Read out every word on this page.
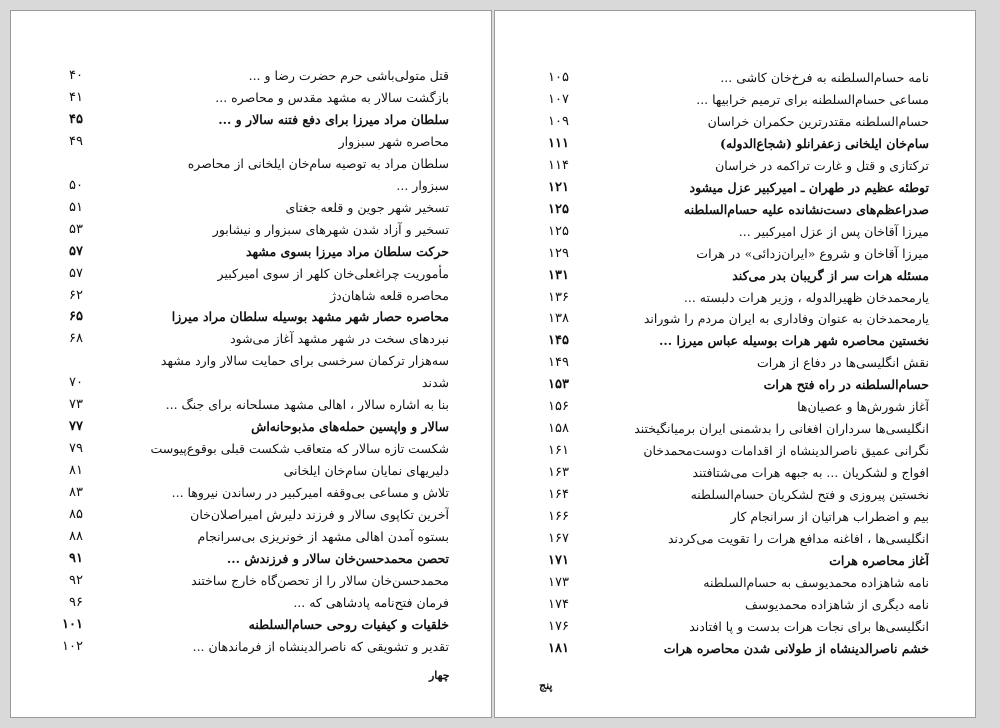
قتل متولی‌باشی حرم حضرت رضا و ...
۴۰
بازگشت سالار به مشهد مقدس و محاصره ...
۴۱
سلطان مراد میرزا برای دفع فتنه سالار و ...
۴۵
محاصره شهر سبزوار
۴۹
سلطان مراد به توصیه سام‌خان ایلخانی از محاصره
سبزوار ...
۵۰
تسخیر شهر جوین و قلعه جغتای
۵۱
تسخیر و آزاد شدن شهرهای سبزوار و نیشابور
۵۳
حرکت سلطان مراد میرزا بسوی مشهد
۵۷
مأموریت چراغعلی‌خان کلهر از سوی امیرکبیر
۵۷
محاصره قلعه شاهان‌دژ
۶۲
محاصره حصار شهر مشهد بوسیله سلطان مراد میرزا
۶۵
نبردهای سخت در شهر مشهد آغاز می‌شود
۶۸
سه‌هزار ترکمان سرخسی برای حمایت سالار وارد مشهد
شدند
۷۰
بنا به اشاره سالار ، اهالی مشهد مسلحانه برای جنگ ...
۷۳
سالار و واپسین حمله‌های مذبوحانه‌اش
۷۷
شکست تازه سالار که متعاقب شکست قبلی بوقوع‌پیوست
۷۹
دلیریهای نمایان سام‌خان ایلخانی
۸۱
تلاش و مساعی بی‌وقفه امیرکبیر در رساندن نیروها ...
۸۳
آخرین تکاپوی سالار و فرزند دلیرش امیراصلان‌خان
۸۵
بستوه آمدن اهالی مشهد از خونریزی بی‌سرانجام
۸۸
تحصن محمدحسن‌خان سالار و فرزندش ...
۹۱
محمدحسن‌خان سالار را از تحصن‌گاه خارج ساختند
۹۲
فرمان فتح‌نامه پادشاهی که ...
۹۶
خلقیات و کیفیات روحی حسام‌السلطنه
۱۰۱
تقدیر و تشویقی که ناصرالدینشاه از فرماندهان ...
۱۰۲
چهار
نامه حسام‌السلطنه به فرخ‌خان کاشی ...
۱۰۵
مساعی حسام‌السلطنه برای ترمیم خرابیها ...
۱۰۷
حسام‌السلطنه مقتدرترین حکمران خراسان
۱۰۹
سام‌خان ایلخانی زعفرانلو (شجاع‌الدوله)
۱۱۱
ترکتازی و قتل و غارت تراکمه در خراسان
۱۱۴
توطئه عظیم در طهران ـ امیرکبیر عزل میشود
۱۲۱
صدراعظم‌های دست‌نشانده علیه حسام‌السلطنه
۱۲۵
میرزا آقاخان پس از عزل امیرکبیر ...
۱۲۵
میرزا آقاخان و شروع «ایران‌زدائی» در هرات
۱۲۹
مسئله هرات سر از گریبان بدر می‌کند
۱۳۱
یارمحمدخان ظهیرالدوله ، وزیر هرات دلبسته ...
۱۳۶
یارمحمدخان به عنوان وفاداری به ایران مردم را شوراند
۱۳۸
نخستین محاصره شهر هرات بوسیله عباس میرزا ...
۱۴۵
نقش انگلیسی‌ها در دفاع از هرات
۱۴۹
حسام‌السلطنه در راه فتح هرات
۱۵۳
آغاز شورش‌ها و عصیان‌ها
۱۵۶
انگلیسی‌ها سرداران افغانی را بدشمنی ایران برمیانگیختند
۱۵۸
نگرانی عمیق ناصرالدینشاه از اقدامات دوست‌محمدخان
۱۶۱
افواج و لشکریان ... به جبهه هرات می‌شتافتند
۱۶۳
نخستین پیروزی و فتح لشکریان حسام‌السلطنه
۱۶۴
بیم و اضطراب هراتیان از سرانجام کار
۱۶۶
انگلیسی‌ها ، افاغنه مدافع هرات را تقویت می‌کردند
۱۶۷
آغاز محاصره هرات
۱۷۱
نامه شاهزاده محمدیوسف به حسام‌السلطنه
۱۷۳
نامه دیگری از شاهزاده محمدیوسف
۱۷۴
انگلیسی‌ها برای نجات هرات بدست و پا افتادند
۱۷۶
خشم ناصرالدینشاه از طولانی شدن محاصره هرات
۱۸۱
پنج
